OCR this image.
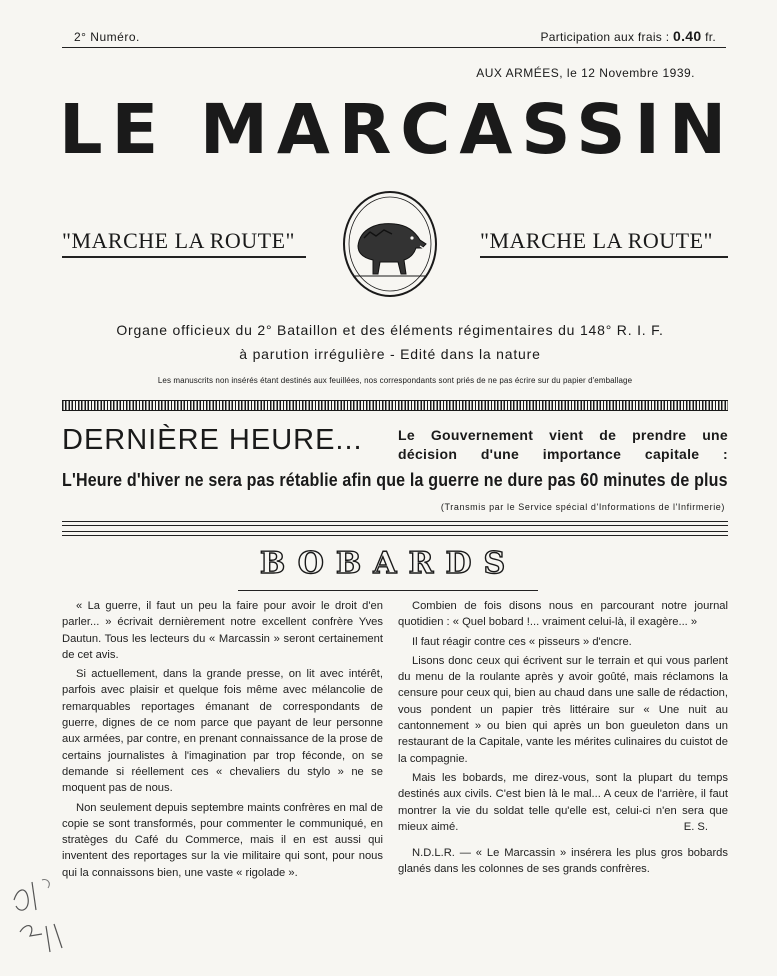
2° Numéro.	Participation aux frais : 0.40 fr.
AUX ARMÉES, le 12 Novembre 1939.
LE MARCASSIN
"MARCHE LA ROUTE"	"MARCHE LA ROUTE"
Organe officieux du 2° Bataillon et des éléments régimentaires du 148° R. I. F.
à parution irrégulière - Edité dans la nature
Les manuscrits non insérés étant destinés aux feuillées, nos correspondants sont priés de ne pas écrire sur du papier d'emballage
DERNIÈRE HEURE...	Le Gouvernement vient de prendre une décision d'une importance capitale :
L'Heure d'hiver ne sera pas rétablie afin que la guerre ne dure pas 60 minutes de plus
(Transmis par le Service spécial d'Informations de l'Infirmerie)
BOBARDS

« La guerre, il faut un peu la faire pour avoir le droit d'en parler... » écrivait dernièrement notre excellent confrère Yves Dautun. Tous les lecteurs du « Marcassin » seront certainement de cet avis.

Si actuellement, dans la grande presse, on lit avec intérêt, parfois avec plaisir et quelque fois même avec mélancolie de remarquables reportages émanant de correspondants de guerre, dignes de ce nom parce que payant de leur personne aux armées, par contre, en prenant connaissance de la prose de certains journalistes à l'imagination par trop féconde, on se demande si réellement ces « chevaliers du stylo » ne se moquent pas de nous.

Non seulement depuis septembre maints confrères en mal de copie se sont transformés, pour commenter le communiqué, en stratèges du Café du Commerce, mais il en est aussi qui inventent des reportages sur la vie militaire qui sont, pour nous qui la connaissons bien, une vaste « rigolade ».

Combien de fois disons nous en parcourant notre journal quotidien : « Quel bobard !... vraiment celui-là, il exagère... »

Il faut réagir contre ces « pisseurs » d'encre.

Lisons donc ceux qui écrivent sur le terrain et qui vous parlent du menu de la roulante après y avoir goûté, mais réclamons la censure pour ceux qui, bien au chaud dans une salle de rédaction, vous pondent un papier très littéraire sur « Une nuit au cantonnement » ou bien qui après un bon gueuleton dans un restaurant de la Capitale, vante les mérites culinaires du cuistot de la compagnie.

Mais les bobards, me direz-vous, sont la plupart du temps destinés aux civils. C'est bien là le mal... A ceux de l'arrière, il faut montrer la vie du soldat telle qu'elle est, celui-ci n'en sera que mieux aimé.	E. S.

N.D.L.R. — « Le Marcassin » insérera les plus gros bobards glanés dans les colonnes de ses grands confrères.
